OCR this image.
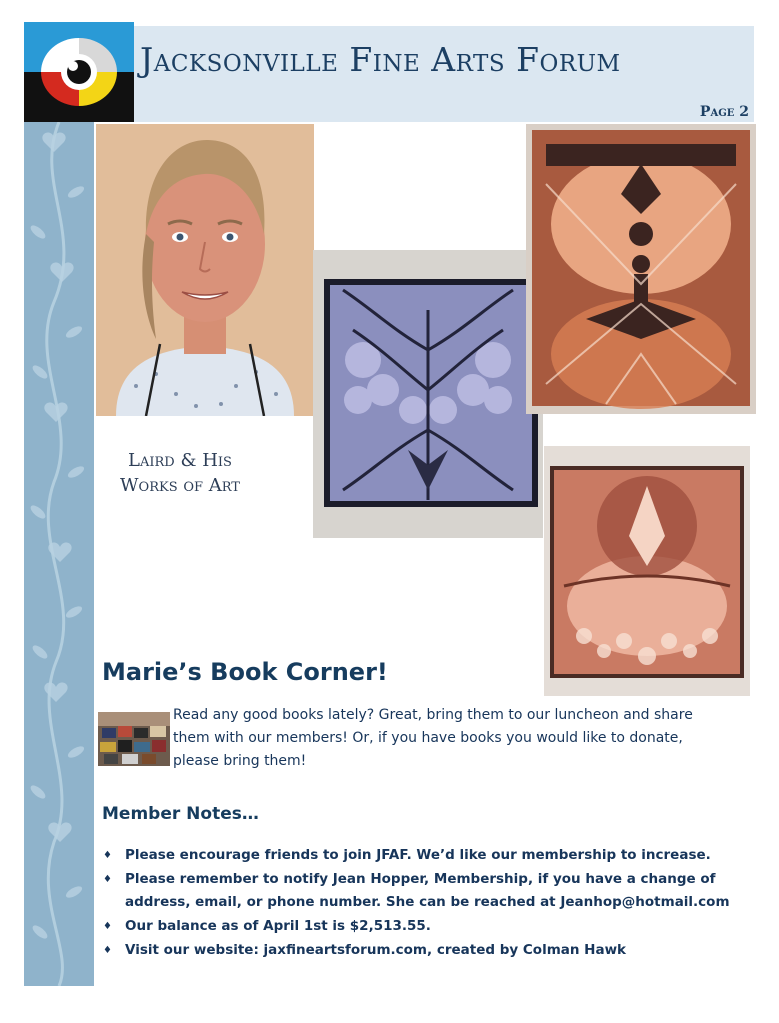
Jacksonville Fine Arts Forum
Page 2
Laird & His
Works of Art
Marie’s Book Corner!
Read any good books lately? Great, bring them to our luncheon and share them with our members! Or, if you have books you would like to donate, please bring them!
Member Notes…
♦ Please encourage friends to join JFAF. We’d like our membership to increase.
♦ Please remember to notify Jean Hopper, Membership, if you have a change of address, email, or phone number. She can be reached at Jeanhop@hotmail.com
♦ Our balance as of April 1st is $2,513.55.
♦ Visit our website: jaxfineartsforum.com, created by Colman Hawk
